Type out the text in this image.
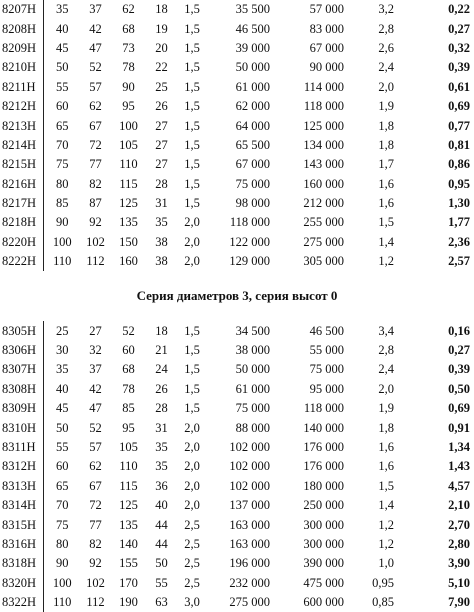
8207H	35	37	62	18	1,5	35 500	57 000	3,2	0,22
8208H	40	42	68	19	1,5	46 500	83 000	2,8	0,27
8209H	45	47	73	20	1,5	39 000	67 000	2,6	0,32
8210H	50	52	78	22	1,5	50 000	90 000	2,4	0,39
8211H	55	57	90	25	1,5	61 000	114 000	2,0	0,61
8212H	60	62	95	26	1,5	62 000	118 000	1,9	0,69
8213H	65	67	100	27	1,5	64 000	125 000	1,8	0,77
8214H	70	72	105	27	1,5	65 500	134 000	1,8	0,81
8215H	75	77	110	27	1,5	67 000	143 000	1,7	0,86
8216H	80	82	115	28	1,5	75 000	160 000	1,6	0,95
8217H	85	87	125	31	1,5	98 000	212 000	1,6	1,30
8218H	90	92	135	35	2,0	118 000	255 000	1,5	1,77
8220H	100	102	150	38	2,0	122 000	275 000	1,4	2,36
8222H	110	112	160	38	2,0	129 000	305 000	1,2	2,57
Серия диаметров 3, серия высот 0
8305H	25	27	52	18	1,5	34 500	46 500	3,4	0,16
8306H	30	32	60	21	1,5	38 000	55 000	2,8	0,27
8307H	35	37	68	24	1,5	50 000	75 000	2,4	0,39
8308H	40	42	78	26	1,5	61 000	95 000	2,0	0,50
8309H	45	47	85	28	1,5	75 000	118 000	1,9	0,69
8310H	50	52	95	31	2,0	88 000	140 000	1,8	0,91
8311H	55	57	105	35	2,0	102 000	176 000	1,6	1,34
8312H	60	62	110	35	2,0	102 000	176 000	1,6	1,43
8313H	65	67	115	36	2,0	102 000	180 000	1,5	4,57
8314H	70	72	125	40	2,0	137 000	250 000	1,4	2,10
8315H	75	77	135	44	2,5	163 000	300 000	1,2	2,70
8316H	80	82	140	44	2,5	163 000	300 000	1,2	2,80
8318H	90	92	155	50	2,5	196 000	390 000	1,0	3,90
8320H	100	102	170	55	2,5	232 000	475 000	0,95	5,10
8322H	110	112	190	63	3,0	275 000	600 000	0,85	7,90
